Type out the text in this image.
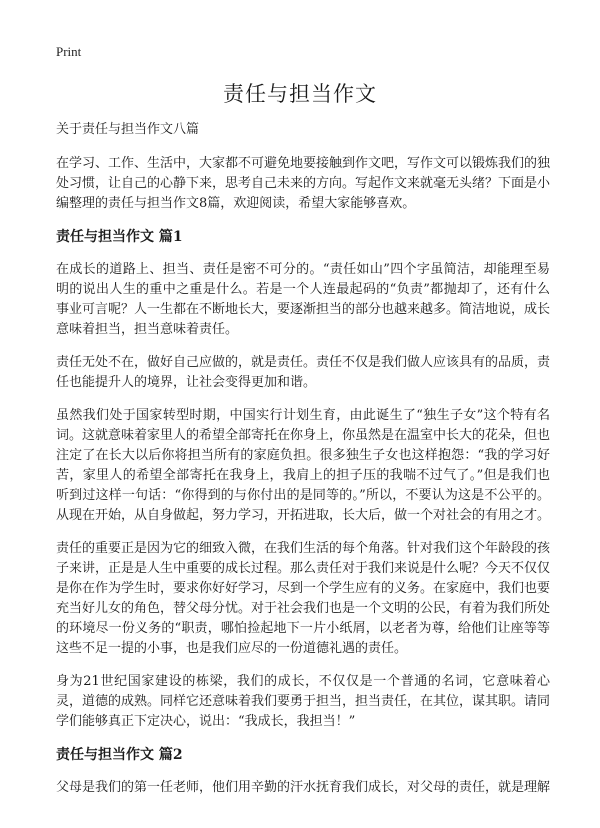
Print
责任与担当作文
关于责任与担当作文八篇

在学习、工作、生活中，大家都不可避免地要接触到作文吧，写作文可以锻炼我们的独处习惯，让自己的心静下来，思考自己未来的方向。写起作文来就毫无头绪？下面是小编整理的责任与担当作文8篇，欢迎阅读，希望大家能够喜欢。

责任与担当作文 篇1

在成长的道路上、担当、责任是密不可分的。“责任如山”四个字虽简洁，却能理至易明的说出人生的重中之重是什么。若是一个人连最起码的“负责”都抛却了，还有什么事业可言呢？人一生都在不断地长大，要逐渐担当的部分也越来越多。简洁地说，成长意味着担当，担当意味着责任。

责任无处不在，做好自己应做的，就是责任。责任不仅是我们做人应该具有的品质，责任也能提升人的境界，让社会变得更加和谐。

虽然我们处于国家转型时期，中国实行计划生育，由此诞生了“独生子女”这个特有名词。这就意味着家里人的希望全部寄托在你身上，你虽然是在温室中长大的花朵，但也注定了在长大以后你将担当所有的家庭负担。很多独生子女也这样抱怨：“我的学习好苦，家里人的希望全部寄托在我身上，我肩上的担子压的我喘不过气了。”但是我们也听到过这样一句话：“你得到的与你付出的是同等的。”所以，不要认为这是不公平的。从现在开始，从自身做起，努力学习，开拓进取，长大后，做一个对社会的有用之才。

责任的重要正是因为它的细致入微，在我们生活的每个角落。针对我们这个年龄段的孩子来讲，正是是人生中重要的成长过程。那么责任对于我们来说是什么呢？今天不仅仅是你在作为学生时，要求你好好学习，尽到一个学生应有的义务。在家庭中，我们也要充当好儿女的角色，替父母分忧。对于社会我们也是一个文明的公民，有着为我们所处的环境尽一份义务的“职责，哪怕捡起地下一片小纸屑，以老者为尊，给他们让座等等这些不足一提的小事，也是我们应尽的一份道德礼遇的责任。

身为21世纪国家建设的栋梁，我们的成长，不仅仅是一个普通的名词，它意味着心灵，道德的成熟。同样它还意味着我们要勇于担当，担当责任，在其位，谋其职。请同学们能够真正下定决心，说出：“我成长，我担当！”

责任与担当作文 篇2

父母是我们的第一任老师，他们用辛勤的汗水抚育我们成长，对父母的责任，就是理解
